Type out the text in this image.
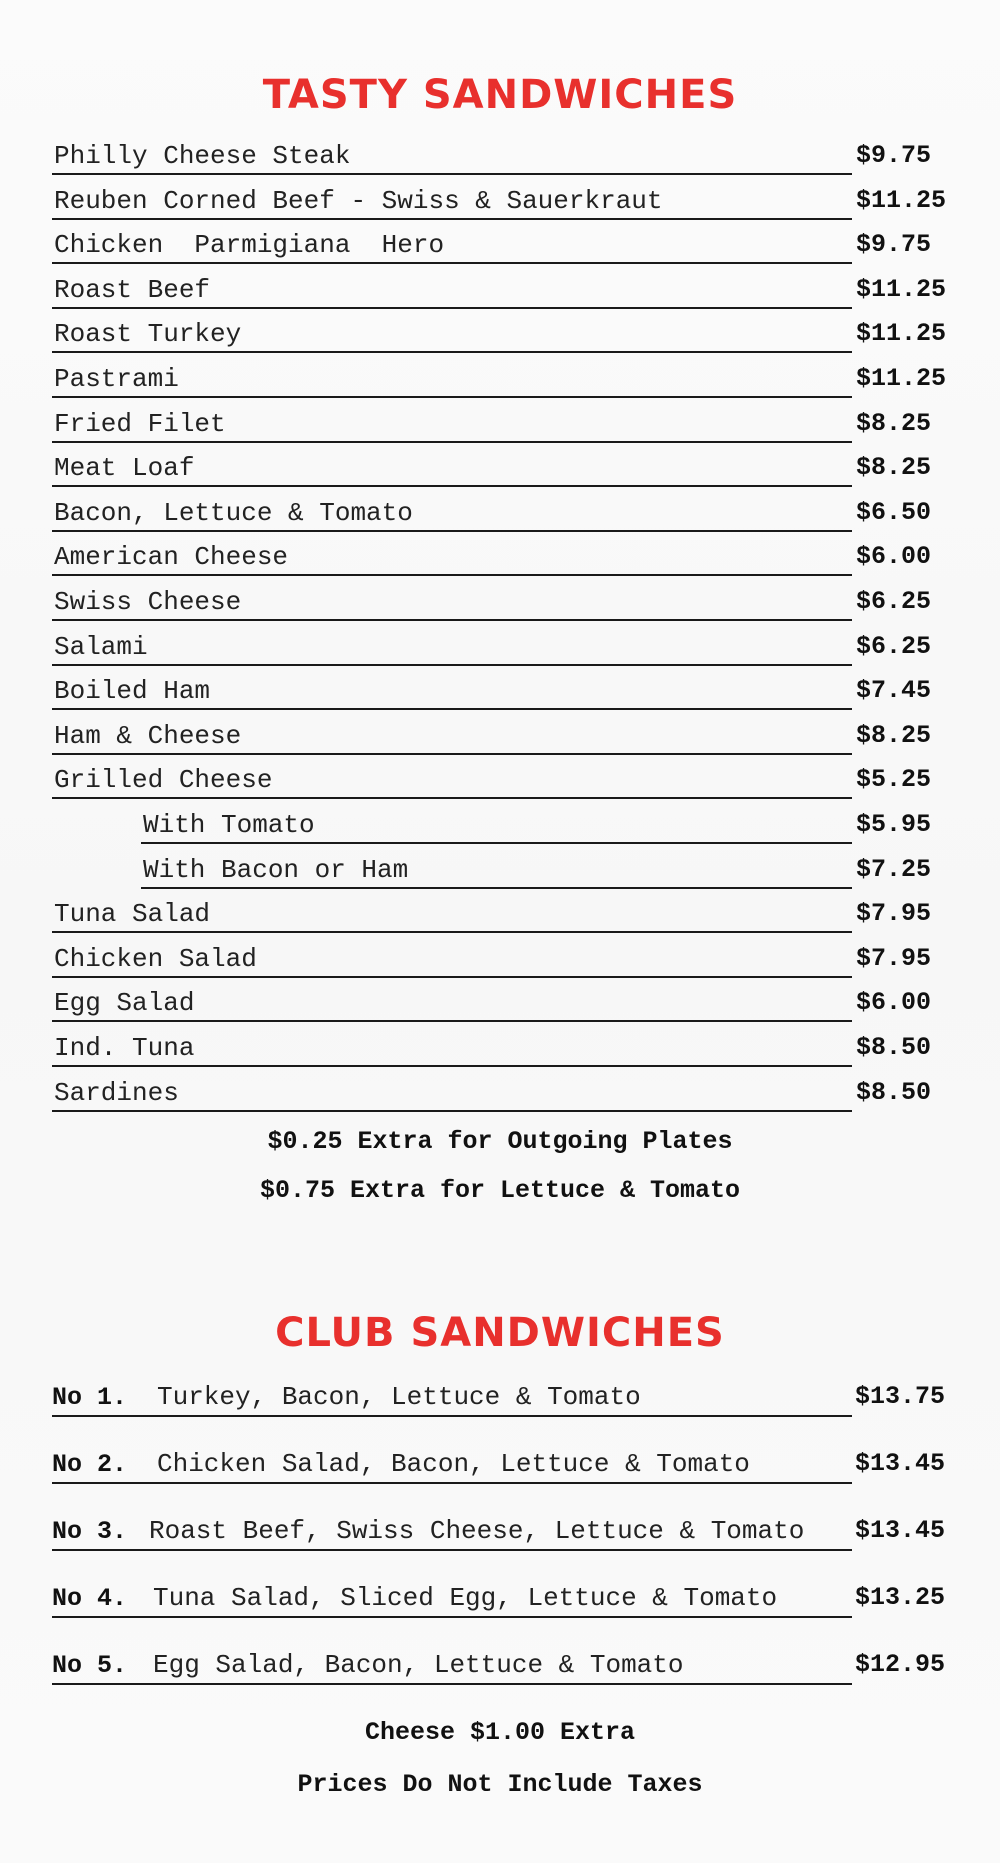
TASTY SANDWICHES
Philly Cheese Steak	$9.75
Reuben Corned Beef - Swiss & Sauerkraut	$11.25
Chicken  Parmigiana  Hero	$9.75
Roast Beef	$11.25
Roast Turkey	$11.25
Pastrami	$11.25
Fried Filet	$8.25
Meat Loaf	$8.25
Bacon, Lettuce & Tomato	$6.50
American Cheese	$6.00
Swiss Cheese	$6.25
Salami	$6.25
Boiled Ham	$7.45
Ham & Cheese	$8.25
Grilled Cheese	$5.25
With Tomato	$5.95
With Bacon or Ham	$7.25
Tuna Salad	$7.95
Chicken Salad	$7.95
Egg Salad	$6.00
Ind. Tuna	$8.50
Sardines	$8.50
$0.25 Extra for Outgoing Plates
$0.75 Extra for Lettuce & Tomato
CLUB SANDWICHES
No 1. Turkey, Bacon, Lettuce & Tomato	$13.75
No 2. Chicken Salad, Bacon, Lettuce & Tomato	$13.45
No 3. Roast Beef, Swiss Cheese, Lettuce & Tomato $13.45
No 4. Tuna Salad, Sliced Egg, Lettuce & Tomato	$13.25
No 5. Egg Salad, Bacon, Lettuce & Tomato	$12.95
Cheese $1.00 Extra
Prices Do Not Include Taxes
